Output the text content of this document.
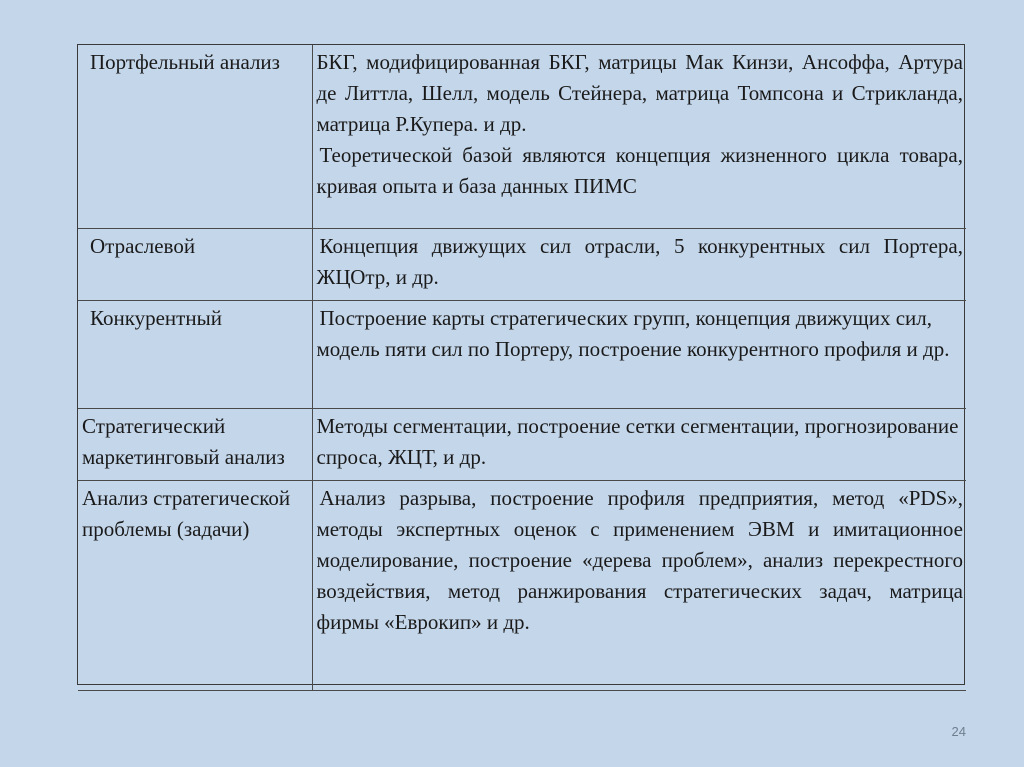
Портфельный анализ	БКГ, модифицированная БКГ, матрицы Мак Кинзи, Ансоффа, Артура де Литтла, Шелл, модель Стейнера, матрица Томпсона и Стрикланда, матрица Р.Купера. и др.

Теоретической базой являются концепция жизненного цикла товара, кривая опыта и база данных ПИМС

Отраслевой	Концепция движущих сил отрасли, 5 конкурентных сил Портера, ЖЦОтр, и др.

Конкурентный	Построение карты стратегических групп, концепция движущих сил, модель пяти сил по Портеру, построение конкурентного профиля и др.

Стратегический маркетинговый анализ	Методы сегментации, построение сетки сегментации, прогнозирование спроса, ЖЦТ, и др.

Анализ стратегической проблемы (задачи)	Анализ разрыва, построение профиля предприятия, метод «PDS», методы экспертных оценок с применением ЭВМ и имитационное моделирование, построение «дерева проблем», анализ перекрестного воздействия, метод ранжирования стратегических задач, матрица фирмы «Еврокип» и др.

24
